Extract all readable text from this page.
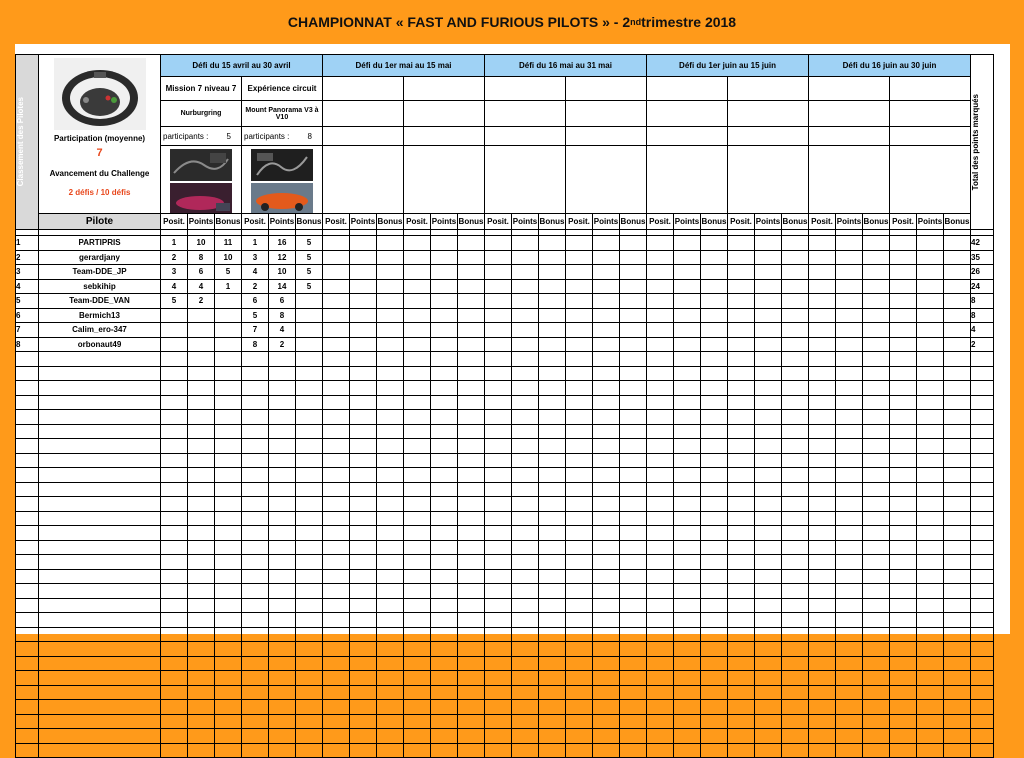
CHAMPIONNAT « FAST AND FURIOUS PILOTS » - 2 nd trimestre 2018
Classement des Pilotes	Participation (moyenne)
7
Avancement du Challenge
2 défis / 10 défis	Défi du 15 avril au 30 avril						Défi du 1er mai au 15 mai						Défi du 16 mai au 31 mai						Défi du 1er juin au 15 juin						Défi du 16 juin au 30 juin						Total des points marqués

		Mission 7 niveau 7			Expérience circuit																											
		Nurburgring			Mount Panorama V3 à V10																											

		participants : 5			participants : 8																											

	Pilote	Posit.	Points	Bonus	Posit.	Points	Bonus	Posit.	Points	Bonus	Posit.	Points	Bonus	Posit.	Points	Bonus	Posit.	Points	Bonus	Posit.	Points	Bonus	Posit.	Points	Bonus	Posit.	Points	Bonus	Posit.	Points	Bonus	

1	PARTIPRIS	1	10	11	1	16	5																									42
2	gerardjany	2	8	10	3	12	5																									35
3	Team-DDE_JP	3	6	5	4	10	5																									26
4	sebkihip	4	4	1	2	14	5																									24
5	Team-DDE_VAN	5	2		6	6																										8
6	Bermich13				5	8																										8
7	Calim_ero-347				7	4																										4
8	orbonaut49				8	2																										2
